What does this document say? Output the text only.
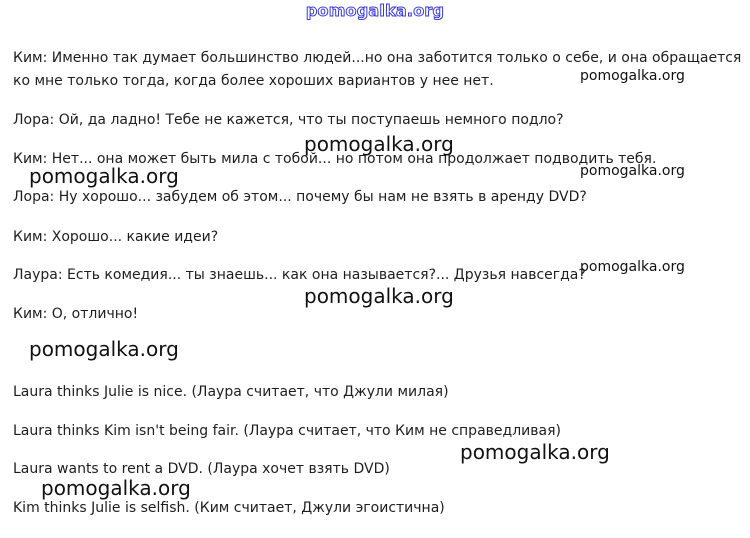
pomogalka.org
Ким: Именно так думает большинство людей...но она заботится только о себе, и она обращается
ко мне только тогда, когда более хороших вариантов у нее нет.
Лора: Ой, да ладно! Тебе не кажется, что ты поступаешь немного подло?
Ким: Нет... она может быть мила с тобой... но потом она продолжает подводить тебя.
Лора: Ну хорошо... забудем об этом... почему бы нам не взять в аренду DVD?
Ким: Хорошо... какие идеи?
Лаура: Есть комедия... ты знаешь... как она называется?... Друзья навсегда?
Ким: О, отлично!
Laura thinks Julie is nice. (Лаура считает, что Джули милая)
Laura thinks Kim isn't being fair. (Лаура считает, что Ким не справедливая)
Laura wants to rent a DVD. (Лаура хочет взять DVD)
Kim thinks Julie is selfish. (Ким считает, Джули эгоистична)
pomogalka.org
pomogalka.org
pomogalka.org	pomogalka.org
pomogalka.org
pomogalka.org
pomogalka.org
pomogalka.org
pomogalka.org
